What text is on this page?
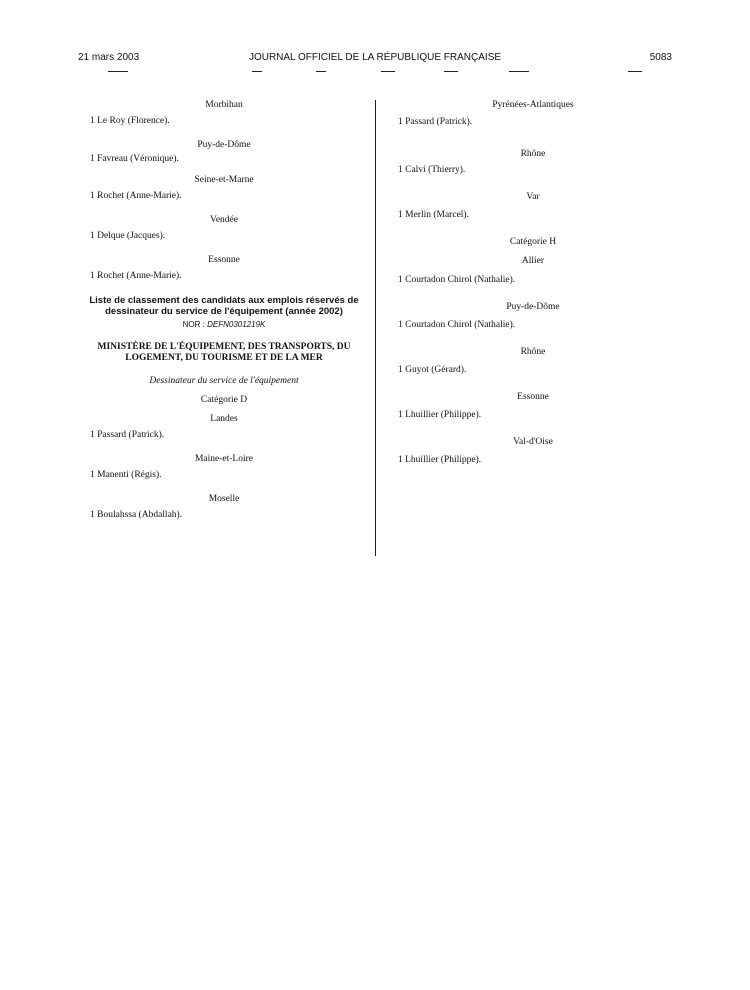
21 mars 2003	JOURNAL OFFICIEL DE LA RÉPUBLIQUE FRANÇAISE	5083
Morbihan
1 Le Roy (Florence).
Puy-de-Dôme
1 Favreau (Véronique).
Seine-et-Marne
1 Rochet (Anne-Marie).
Vendée
1 Delque (Jacques).
Essonne
1 Rochet (Anne-Marie).
Liste de classement des candidats aux emplois réservés de dessinateur du service de l'équipement (année 2002)
NOR : DEFN0301219K
MINISTÈRE DE L'ÉQUIPEMENT, DES TRANSPORTS, DU LOGEMENT, DU TOURISME ET DE LA MER
Dessinateur du service de l'équipement
Catégorie D
Landes
1 Passard (Patrick).
Maine-et-Loire
1 Manenti (Régis).
Moselle
1 Boulahssa (Abdallah).
Pyrénées-Atlantiques
1 Passard (Patrick).
Rhône
1 Calvi (Thierry).
Var
1 Merlin (Marcel).
Catégorie H
Allier
1 Courtadon Chirol (Nathalie).
Puy-de-Dôme
1 Courtadon Chirol (Nathalie).
Rhône
1 Guyot (Gérard).
Essonne
1 Lhuillier (Philippe).
Val-d'Oise
1 Lhuillier (Philippe).
